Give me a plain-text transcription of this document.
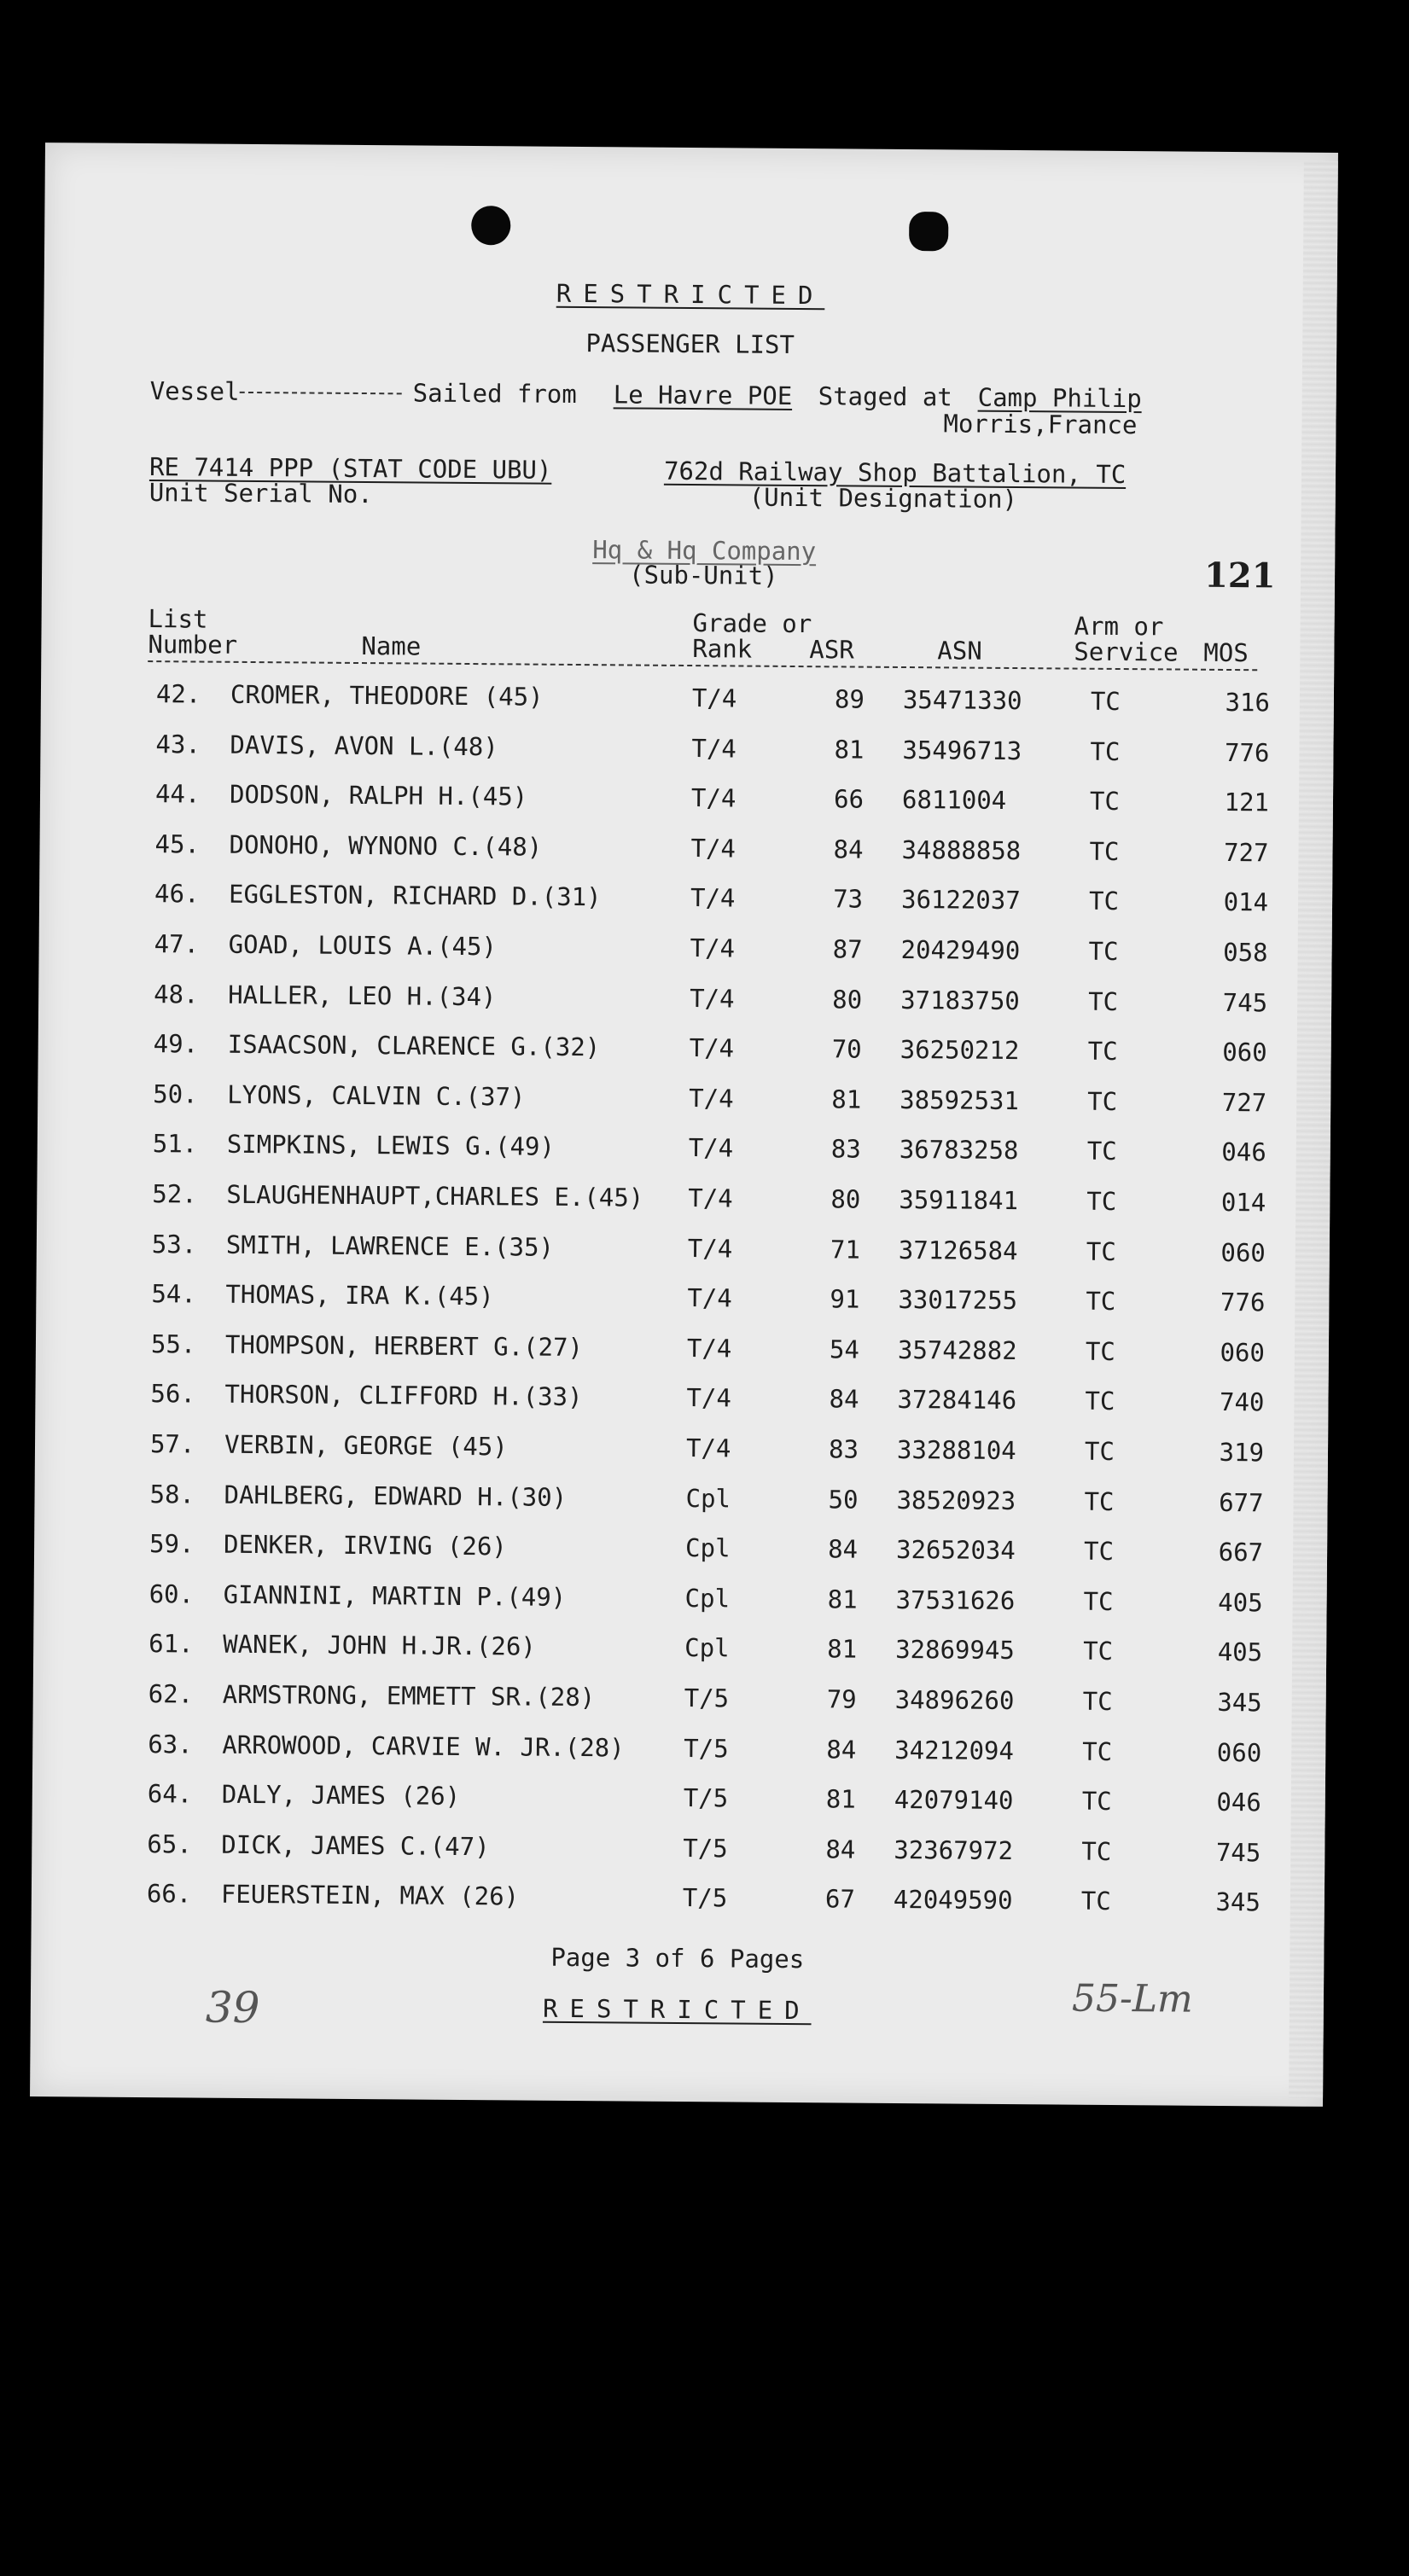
RESTRICTED
PASSENGER LIST
Vessel	Sailed from Le Havre POE Staged at Camp Philip
Morris,France
RE 7414 PPP (STAT CODE UBU)
Unit Serial No.
762d Railway Shop Battalion, TC
(Unit Designation)
Hq & Hq Company
(Sub-Unit)	121
List
Number	Name
Grade or
Rank ASR	ASN
Arm or
Service MOS
42. CROMER, THEODORE (45)	T/4	89 35471330	TC	316
43. DAVIS, AVON L.(48)	T/4	81 35496713	TC	776
44. DODSON, RALPH H.(45)	T/4	66 6811004	TC	121
45. DONOHO, WYNONO C.(48)	T/4	84 34888858	TC	727
46. EGGLESTON, RICHARD D.(31)	T/4	73 36122037	TC	014
47. GOAD, LOUIS A.(45)	T/4	87 20429490	TC	058
48. HALLER, LEO H.(34)	T/4	80 37183750	TC	745
49. ISAACSON, CLARENCE G.(32)	T/4	70 36250212	TC	060
50. LYONS, CALVIN C.(37)	T/4	81 38592531	TC	727
51. SIMPKINS, LEWIS G.(49)	T/4	83 36783258	TC	046
52. SLAUGHENHAUPT,CHARLES E.(45) T/4	80 35911841	TC	014
53. SMITH, LAWRENCE E.(35)	T/4	71 37126584	TC	060
54. THOMAS, IRA K.(45)	T/4	91 33017255	TC	776
55. THOMPSON, HERBERT G.(27)	T/4	54 35742882	TC	060
56. THORSON, CLIFFORD H.(33)	T/4	84 37284146	TC	740
57. VERBIN, GEORGE (45)	T/4	83 33288104	TC	319
58. DAHLBERG, EDWARD H.(30)	Cpl	50 38520923	TC	677
59. DENKER, IRVING (26)	Cpl	84 32652034	TC	667
60. GIANNINI, MARTIN P.(49)	Cpl	81 37531626	TC	405
61. WANEK, JOHN H.JR.(26)	Cpl	81 32869945	TC	405
62. ARMSTRONG, EMMETT SR.(28)	T/5	79 34896260	TC	345
63. ARROWOOD, CARVIE W. JR.(28) T/5	84 34212094	TC	060
64. DALY, JAMES (26)	T/5	81 42079140	TC	046
65. DICK, JAMES C.(47)	T/5	84 32367972	TC	745
66. FEUERSTEIN, MAX (26)	T/5	67 42049590	TC	345
Page 3 of 6 Pages
RESTRICTED
39	55-Lm
